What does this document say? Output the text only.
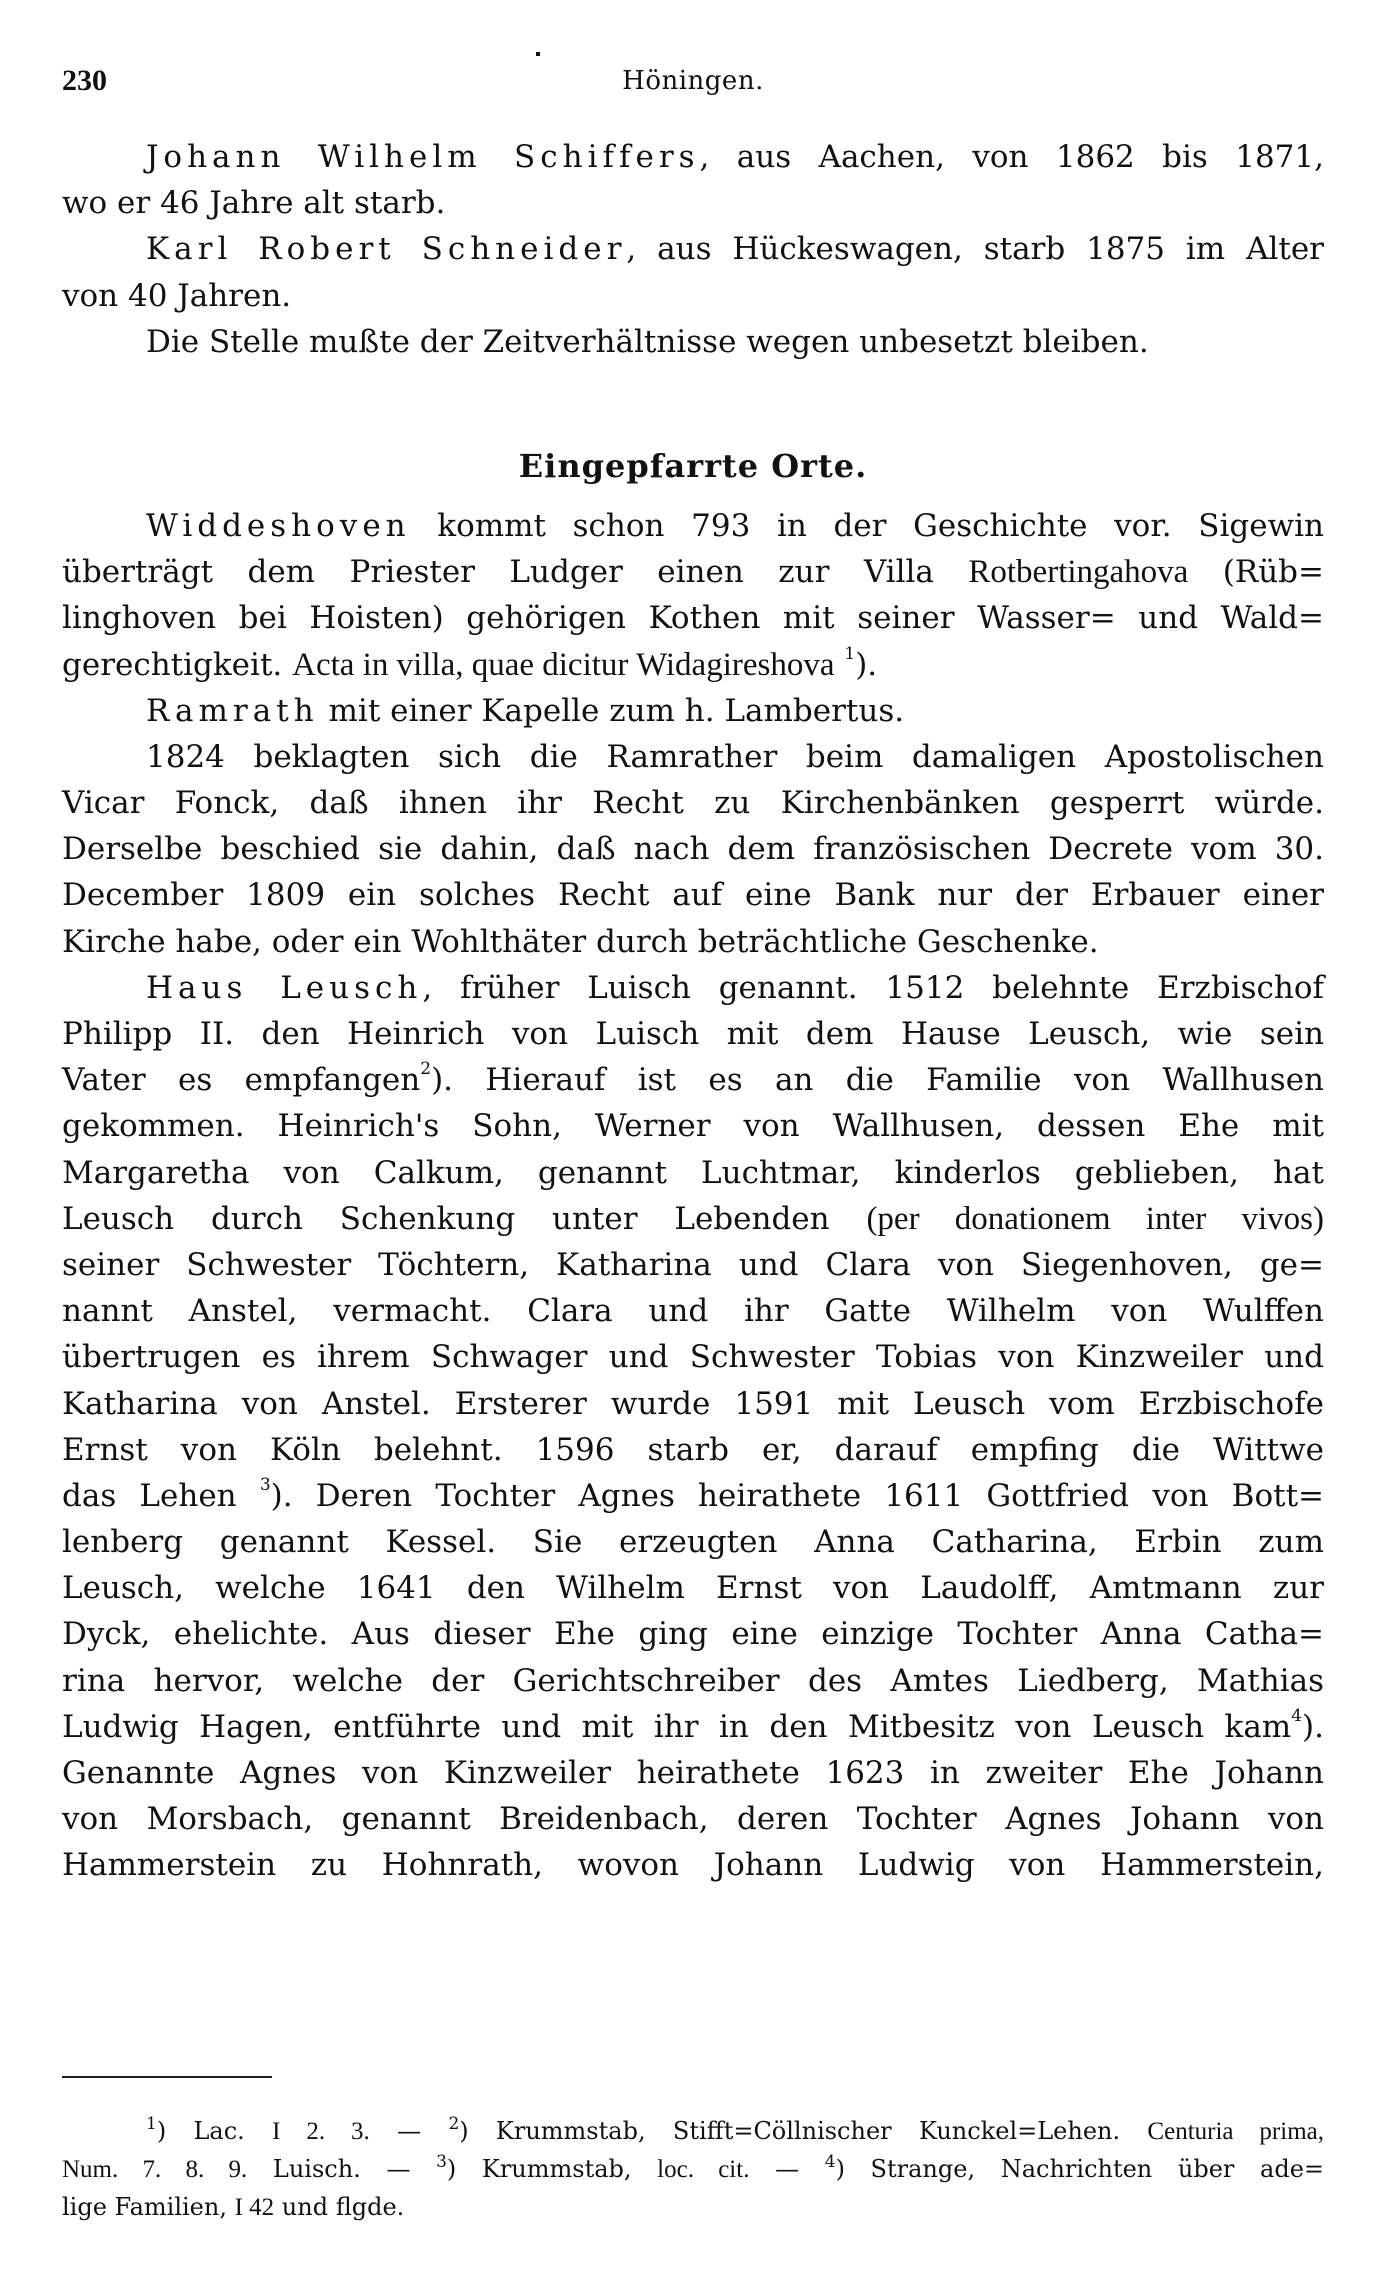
230	Höningen.
Johann Wilhelm Schiffers, aus Aachen, von 1862 bis 1871,
wo er 46 Jahre alt starb.
Karl Robert Schneider, aus Hückeswagen, starb 1875 im Alter
von 40 Jahren.
Die Stelle mußte der Zeitverhältnisse wegen unbesetzt bleiben.
Widdeshoven kommt schon 793 in der Geschichte vor. Sigewin
überträgt dem Priester Ludger einen zur Villa Rotbertingahova (Rüb=
linghoven bei Hoisten) gehörigen Kothen mit seiner Wasser= und Wald=
gerechtigkeit. Acta in villa, quae dicitur Widagireshova $^1$).
Ramrath mit einer Kapelle zum h. Lambertus.
1824 beklagten sich die Ramrather beim damaligen Apostolischen
Vicar Fonck, daß ihnen ihr Recht zu Kirchenbänken gesperrt würde.
Derselbe beschied sie dahin, daß nach dem französischen Decrete vom 30.
December 1809 ein solches Recht auf eine Bank nur der Erbauer einer
Kirche habe, oder ein Wohlthäter durch beträchtliche Geschenke.
Haus Leusch, früher Luisch genannt. 1512 belehnte Erzbischof
Philipp II. den Heinrich von Luisch mit dem Hause Leusch, wie sein
Vater es empfangen$^2$). Hierauf ist es an die Familie von Wallhusen
gekommen. Heinrich's Sohn, Werner von Wallhusen, dessen Ehe mit
Margaretha von Calkum, genannt Luchtmar, kinderlos geblieben, hat
Leusch durch Schenkung unter Lebenden (per donationem inter vivos)
seiner Schwester Töchtern, Katharina und Clara von Siegenhoven, ge=
nannt Anstel, vermacht. Clara und ihr Gatte Wilhelm von Wulffen
übertrugen es ihrem Schwager und Schwester Tobias von Kinzweiler und
Katharina von Anstel. Ersterer wurde 1591 mit Leusch vom Erzbischofe
Ernst von Köln belehnt. 1596 starb er, darauf empfing die Wittwe
das Lehen $^3$). Deren Tochter Agnes heirathete 1611 Gottfried von Bott=
lenberg genannt Kessel. Sie erzeugten Anna Catharina, Erbin zum
Leusch, welche 1641 den Wilhelm Ernst von Laudolff, Amtmann zur
Dyck, ehelichte. Aus dieser Ehe ging eine einzige Tochter Anna Catha=
rina hervor, welche der Gerichtschreiber des Amtes Liedberg, Mathias
Ludwig Hagen, entführte und mit ihr in den Mitbesitz von Leusch kam$^4$).
Genannte Agnes von Kinzweiler heirathete 1623 in zweiter Ehe Johann
von Morsbach, genannt Breidenbach, deren Tochter Agnes Johann von
Hammerstein zu Hohnrath, wovon Johann Ludwig von Hammerstein,
Eingepfarrte Orte.
$^1$) Lac. I 2. 3. — $^2$) Krummstab, Stifft=Cöllnischer Kunckel=Lehen. Centuria prima,
Num. 7. 8. 9. Luisch. — $^3$) Krummstab, loc. cit. — $^4$) Strange, Nachrichten über ade=
lige Familien, I 42 und flgde.
